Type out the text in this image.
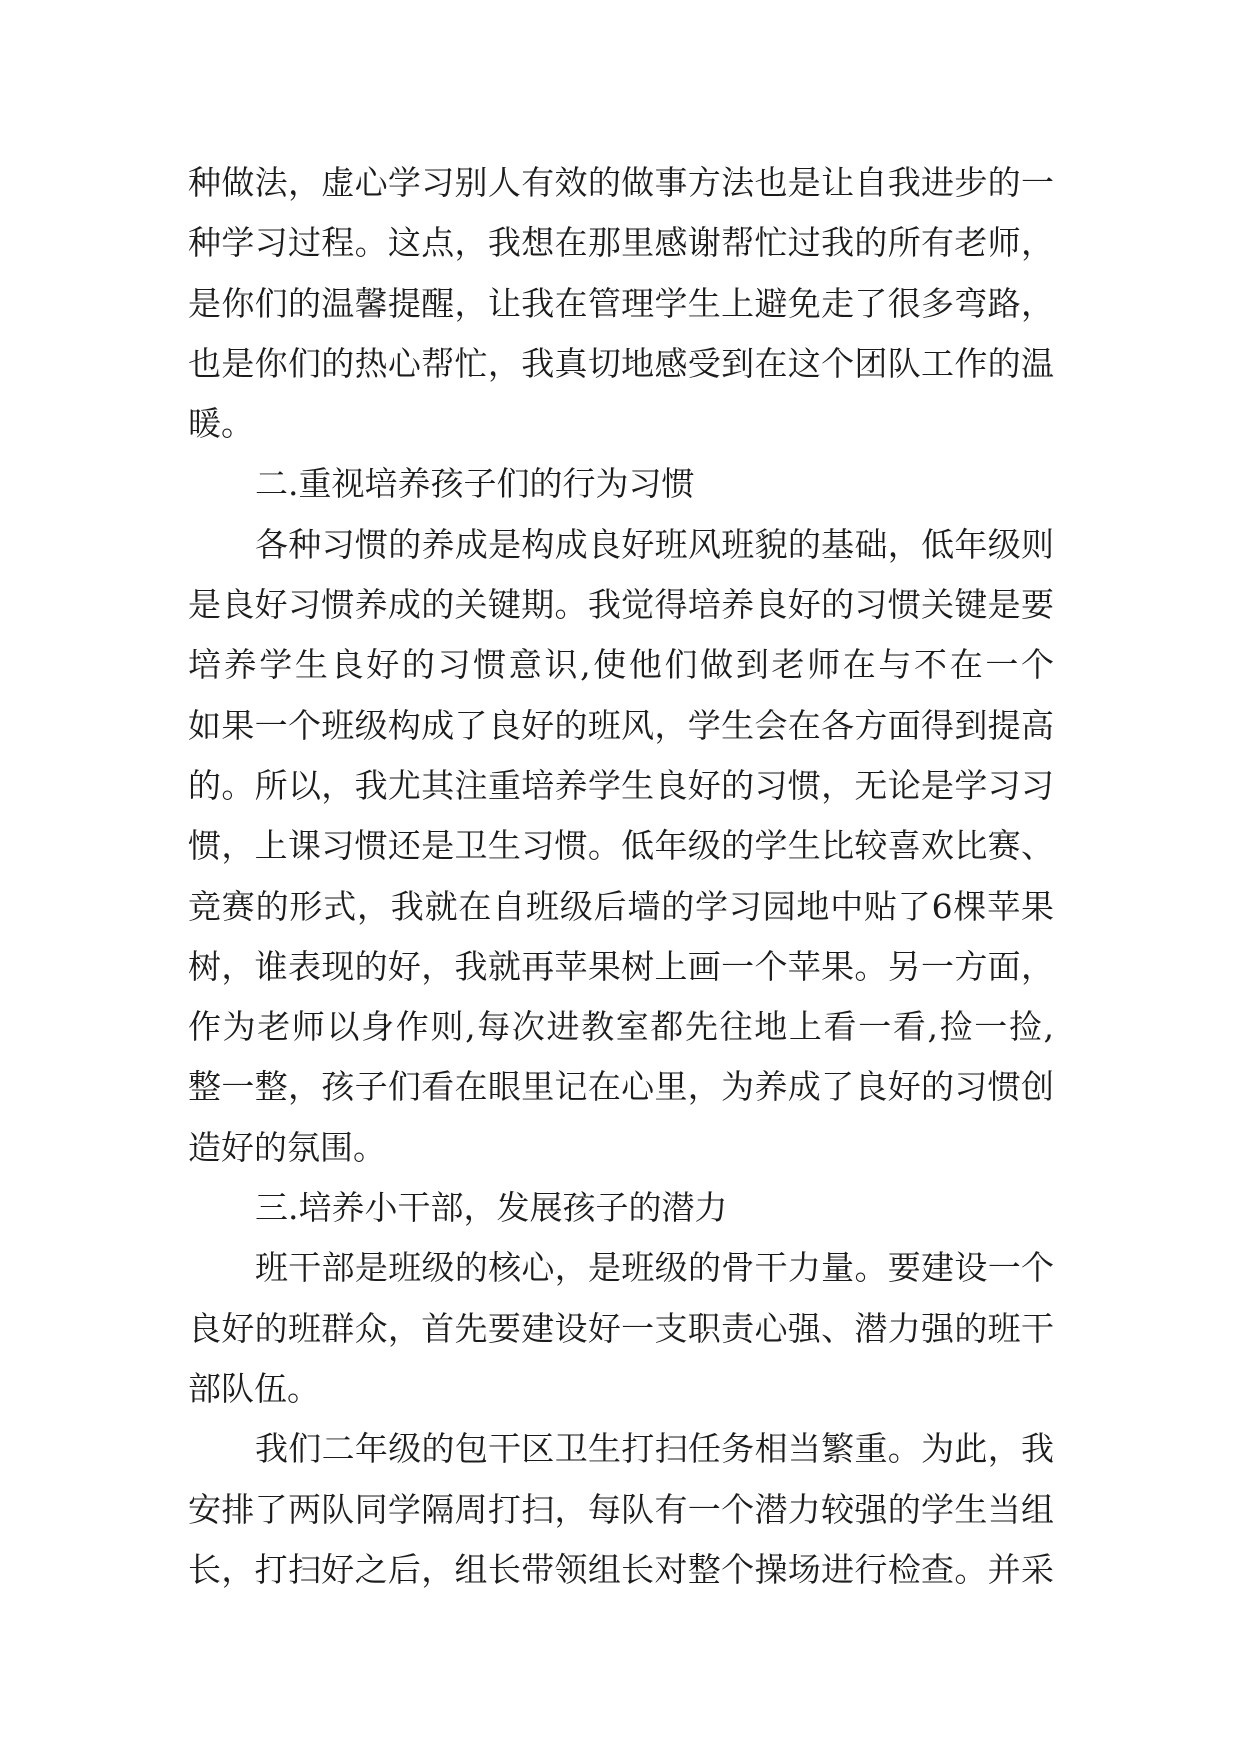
种做法，虚心学习别人有效的做事方法也是让自我进步的一
种学习过程。这点，我想在那里感谢帮忙过我的所有老师，
是你们的温馨提醒，让我在管理学生上避免走了很多弯路，
也是你们的热心帮忙，我真切地感受到在这个团队工作的温
暖。
二.重视培养孩子们的行为习惯
各种习惯的养成是构成良好班风班貌的基础，低年级则
是良好习惯养成的关键期。我觉得培养良好的习惯关键是要
培养学生良好的习惯意识,使他们做到老师在与不在一个
如果一个班级构成了良好的班风，学生会在各方面得到提高
的。所以，我尤其注重培养学生良好的习惯，无论是学习习
惯，上课习惯还是卫生习惯。低年级的学生比较喜欢比赛、
竞赛的形式，我就在自班级后墙的学习园地中贴了6棵苹果
树，谁表现的好，我就再苹果树上画一个苹果。另一方面，
作为老师以身作则,每次进教室都先往地上看一看,捡一捡,
整一整，孩子们看在眼里记在心里，为养成了良好的习惯创
造好的氛围。
三.培养小干部，发展孩子的潜力
班干部是班级的核心，是班级的骨干力量。要建设一个
良好的班群众，首先要建设好一支职责心强、潜力强的班干
部队伍。
我们二年级的包干区卫生打扫任务相当繁重。为此，我
安排了两队同学隔周打扫，每队有一个潜力较强的学生当组
长，打扫好之后，组长带领组长对整个操场进行检查。并采
